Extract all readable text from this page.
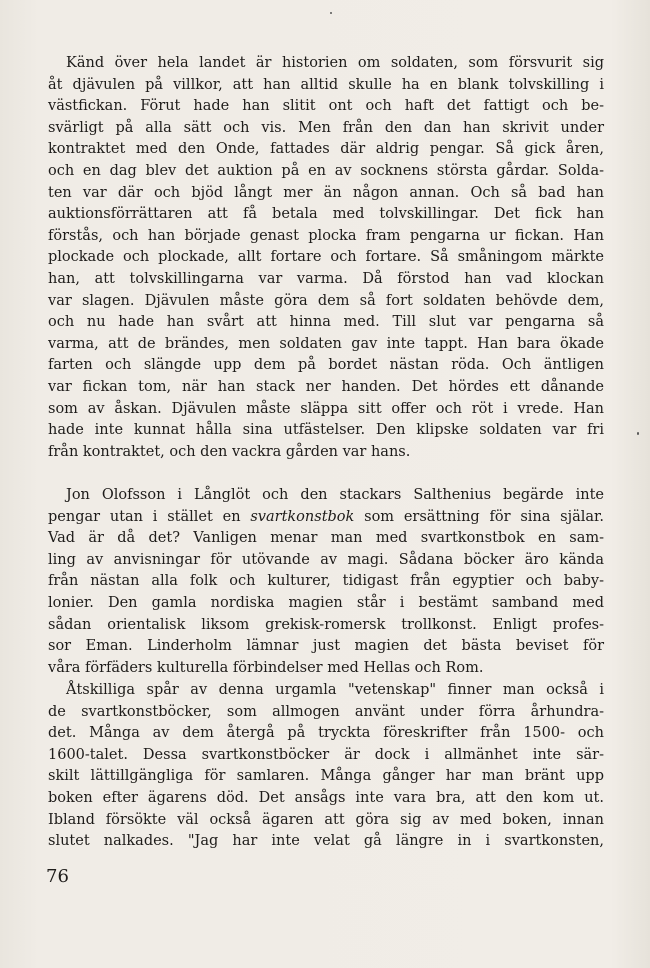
Känd över hela landet är historien om soldaten, som försvurit sig
åt djävulen på villkor, att han alltid skulle ha en blank tolvskilling i
västfickan. Förut hade han slitit ont och haft det fattigt och be-
svärligt på alla sätt och vis. Men från den dan han skrivit under
kontraktet med den Onde, fattades där aldrig pengar. Så gick åren,
och en dag blev det auktion på en av socknens största gårdar. Solda-
ten var där och bjöd långt mer än någon annan. Och så bad han
auktionsförrättaren att få betala med tolvskillingar. Det fick han
förstås, och han började genast plocka fram pengarna ur fickan. Han
plockade och plockade, allt fortare och fortare. Så småningom märkte
han, att tolvskillingarna var varma. Då förstod han vad klockan
var slagen. Djävulen måste göra dem så fort soldaten behövde dem,
och nu hade han svårt att hinna med. Till slut var pengarna så
varma, att de brändes, men soldaten gav inte tappt. Han bara ökade
farten och slängde upp dem på bordet nästan röda. Och äntligen
var fickan tom, när han stack ner handen. Det hördes ett dånande
som av åskan. Djävulen måste släppa sitt offer och röt i vrede. Han
hade inte kunnat hålla sina utfästelser. Den klipske soldaten var fri
från kontraktet, och den vackra gården var hans.
Jon Olofsson i Långlöt och den stackars Salthenius begärde inte
pengar utan i stället en svartkonstbok som ersättning för sina själar.
Vad är då det? Vanligen menar man med svartkonstbok en sam-
ling av anvisningar för utövande av magi. Sådana böcker äro kända
från nästan alla folk och kulturer, tidigast från egyptier och baby-
lonier. Den gamla nordiska magien står i bestämt samband med
sådan orientalisk liksom grekisk-romersk trollkonst. Enligt profes-
sor Eman. Linderholm lämnar just magien det bästa beviset för
våra förfäders kulturella förbindelser med Hellas och Rom.
Åtskilliga spår av denna urgamla "vetenskap" finner man också i
de svartkonstböcker, som allmogen använt under förra århundra-
det. Många av dem återgå på tryckta föreskrifter från 1500- och
1600-talet. Dessa svartkonstböcker är dock i allmänhet inte sär-
skilt lättillgängliga för samlaren. Många gånger har man bränt upp
boken efter ägarens död. Det ansågs inte vara bra, att den kom ut.
Ibland försökte väl också ägaren att göra sig av med boken, innan
slutet nalkades. "Jag har inte velat gå längre in i svartkonsten,
76
